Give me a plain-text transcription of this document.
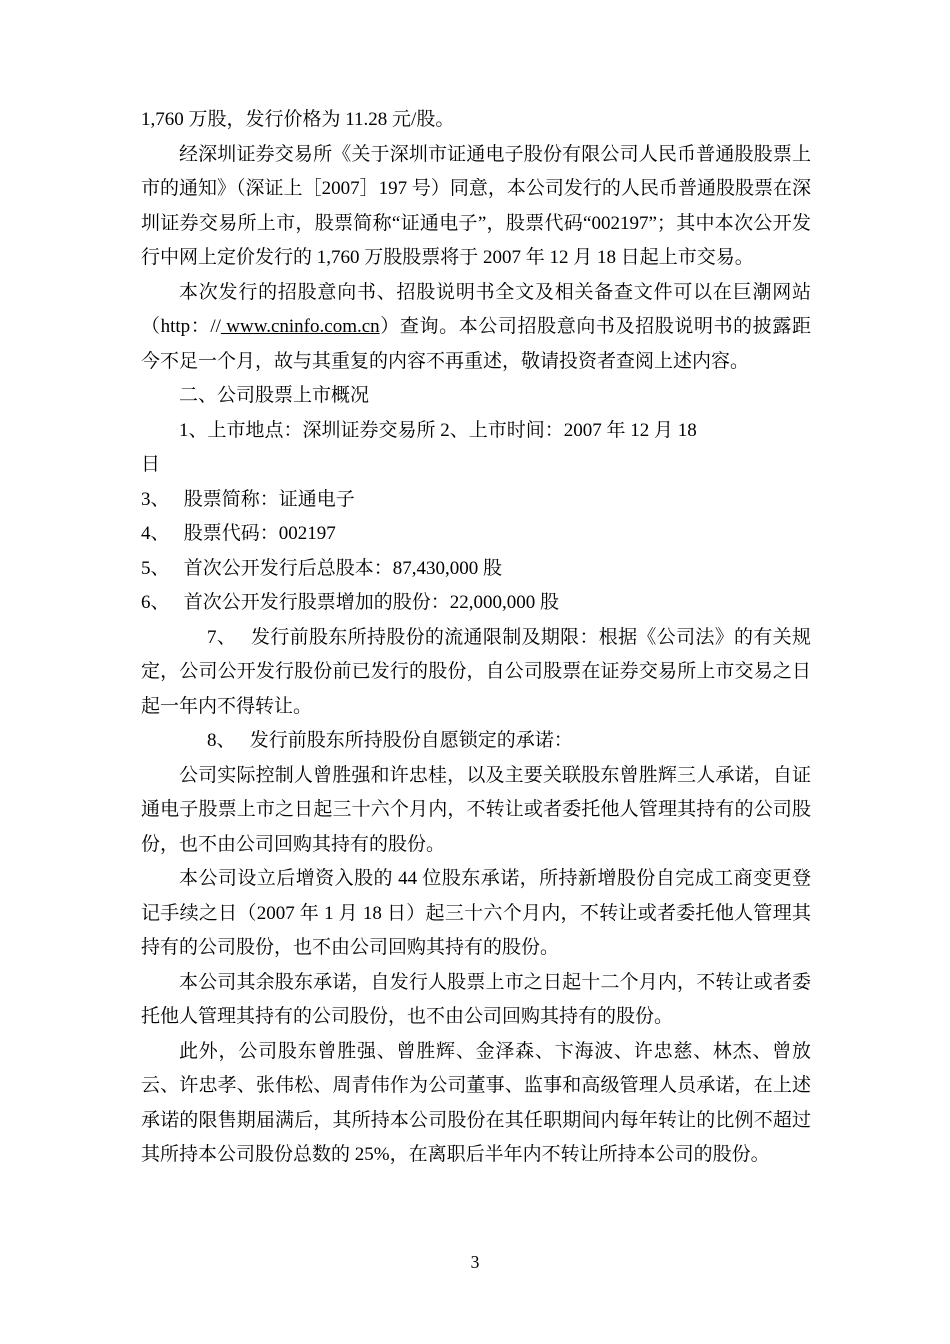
1,760 万股，发行价格为 11.28 元/股。

经深圳证券交易所《关于深圳市证通电子股份有限公司人民币普通股股票上市的通知》（深证上［2007］197 号）同意，本公司发行的人民币普通股股票在深圳证券交易所上市，股票简称“证通电子”，股票代码“002197”；其中本次公开发行中网上定价发行的 1,760 万股股票将于 2007 年 12 月 18 日起上市交易。

本次发行的招股意向书、招股说明书全文及相关备查文件可以在巨潮网站（http：// www.cninfo.com.cn）查询。本公司招股意向书及招股说明书的披露距今不足一个月，故与其重复的内容不再重述，敬请投资者查阅上述内容。

二、公司股票上市概况

1、上市地点：深圳证券交易所 2、上市时间：2007 年 12 月 18
日

3、　 股票简称：证通电子

4、　 股票代码：002197

5、　 首次公开发行后总股本：87,430,000 股

6、　 首次公开发行股票增加的股份：22,000,000 股

7、　 发行前股东所持股份的流通限制及期限：根据《公司法》的有关规定，公司公开发行股份前已发行的股份，自公司股票在证券交易所上市交易之日起一年内不得转让。

8、　 发行前股东所持股份自愿锁定的承诺：

公司实际控制人曾胜强和许忠桂，以及主要关联股东曾胜辉三人承诺，自证通电子股票上市之日起三十六个月内，不转让或者委托他人管理其持有的公司股份，也不由公司回购其持有的股份。

本公司设立后增资入股的 44 位股东承诺，所持新增股份自完成工商变更登记手续之日（2007 年 1 月 18 日）起三十六个月内，不转让或者委托他人管理其持有的公司股份，也不由公司回购其持有的股份。

本公司其余股东承诺，自发行人股票上市之日起十二个月内，不转让或者委托他人管理其持有的公司股份，也不由公司回购其持有的股份。

此外，公司股东曾胜强、曾胜辉、金泽森、卞海波、许忠慈、林杰、曾放云、许忠孝、张伟松、周青伟作为公司董事、监事和高级管理人员承诺，在上述承诺的限售期届满后，其所持本公司股份在其任职期间内每年转让的比例不超过其所持本公司股份总数的 25%，在离职后半年内不转让所持本公司的股份。

3
